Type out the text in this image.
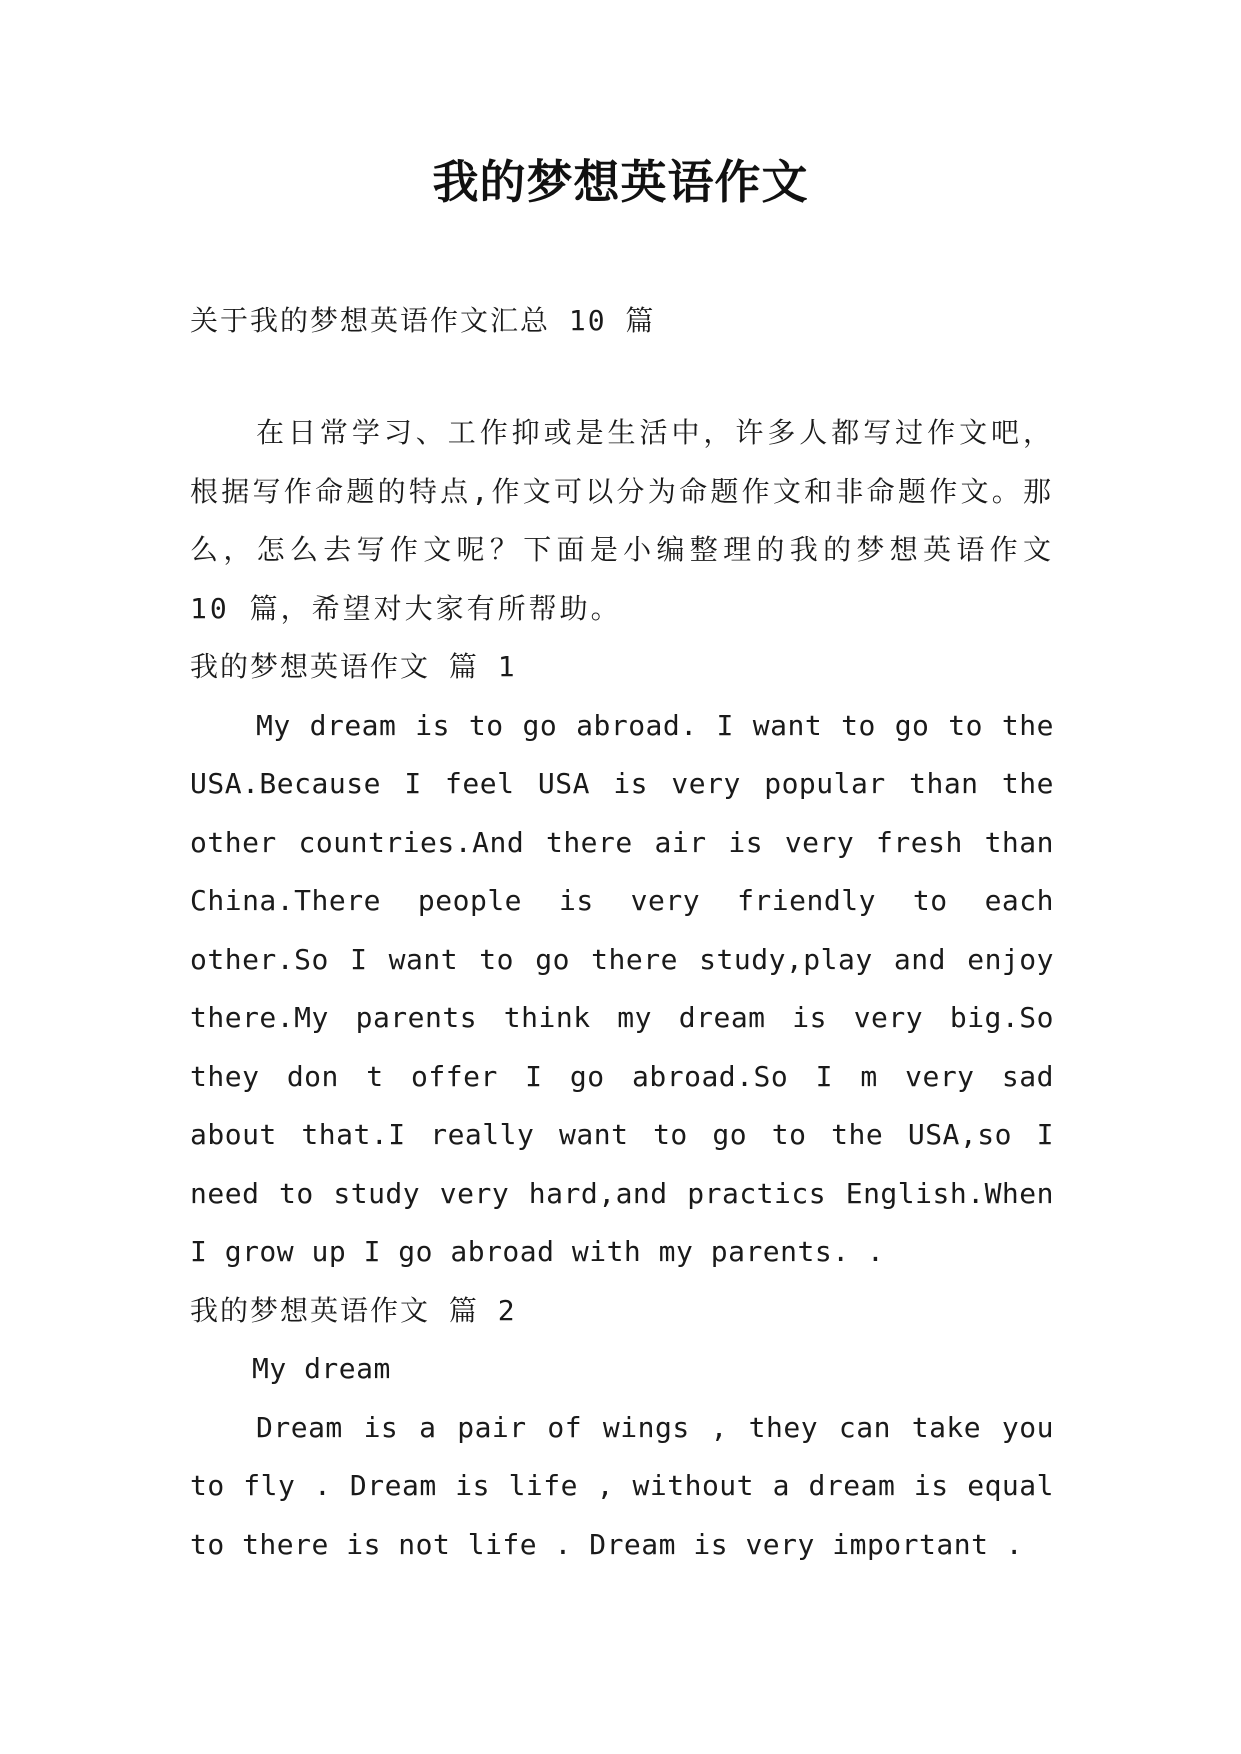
我的梦想英语作文
关于我的梦想英语作文汇总 10 篇

在日常学习、工作抑或是生活中，许多人都写过作文吧，根据写作命题的特点,作文可以分为命题作文和非命题作文。那么，怎么去写作文呢？下面是小编整理的我的梦想英语作文 10 篇，希望对大家有所帮助。

我的梦想英语作文 篇 1

My dream is to go abroad. I want to go to the USA.Because I feel USA is very popular than the other countries.And there air is very fresh than China.There people is very friendly to each other.So I want to go there study,play and enjoy there.My parents think my dream is very big.So they don t offer I go abroad.So I m very sad about that.I really want to go to the USA,so I need to study very hard,and practics English.When I grow up I go abroad with my parents. .

我的梦想英语作文 篇 2

My dream

Dream is a pair of wings , they can take you to fly . Dream is life , without a dream is equal to there is not life . Dream is very important .
